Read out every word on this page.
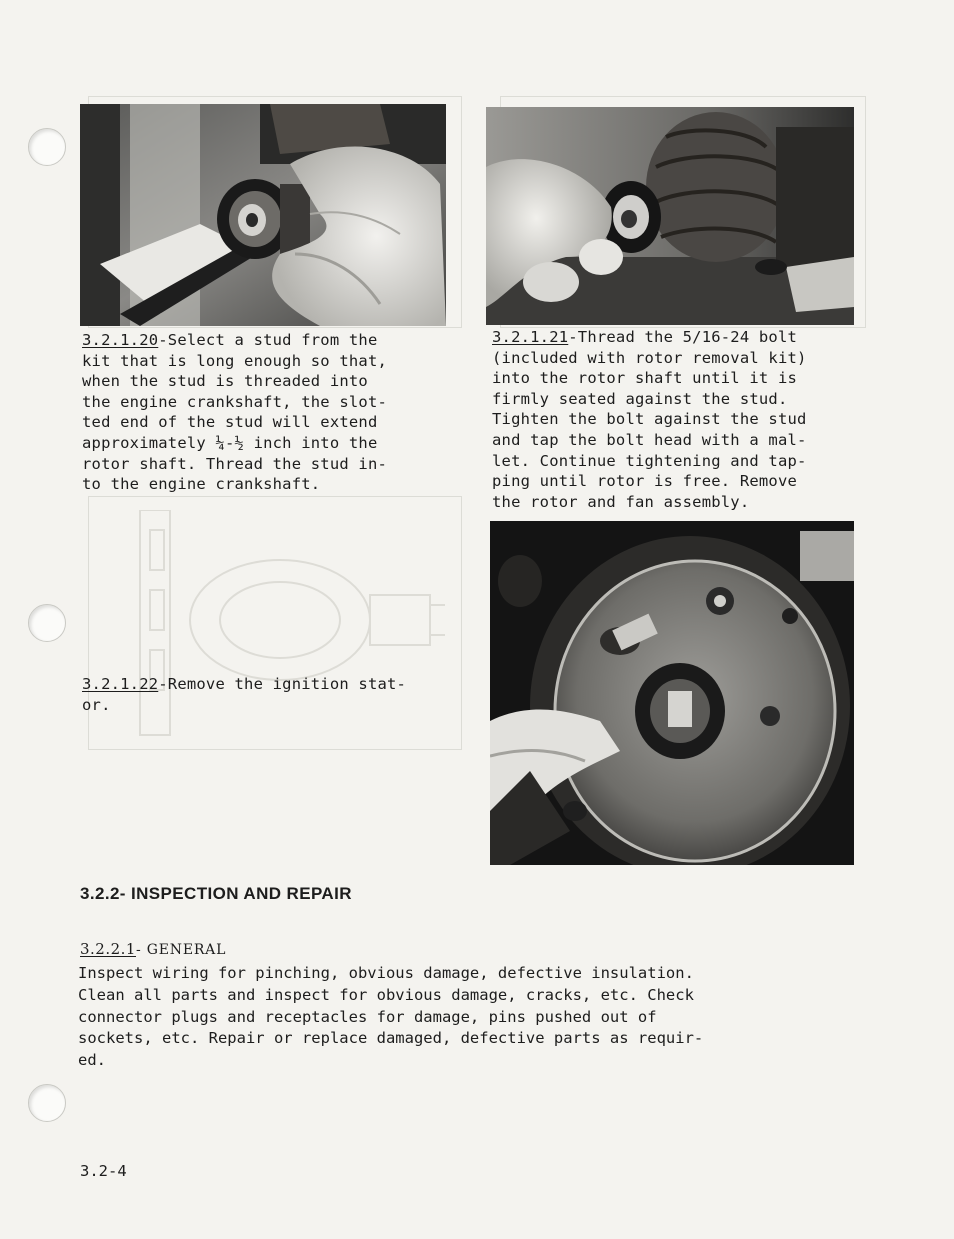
3.2.1.20-Select a stud from the
kit that is long enough so that,
when the stud is threaded into
the engine crankshaft, the slot-
ted end of the stud will extend
approximately ¼-½ inch into the
rotor shaft. Thread the stud in-
to the engine crankshaft.
3.2.1.21-Thread the 5/16-24 bolt
(included with rotor removal kit)
into the rotor shaft until it is
firmly seated against the stud.
Tighten the bolt against the stud
and tap the bolt head with a mal-
let. Continue tightening and tap-
ping until rotor is free. Remove
the rotor and fan assembly.
3.2.1.22-Remove the ignition stat-
or.
3.2.2- INSPECTION AND REPAIR
3.2.2.1- GENERAL
Inspect wiring for pinching, obvious damage, defective insulation.
Clean all parts and inspect for obvious damage, cracks, etc. Check
connector plugs and receptacles for damage, pins pushed out of
sockets, etc. Repair or replace damaged, defective parts as requir-
ed.
3.2-4
